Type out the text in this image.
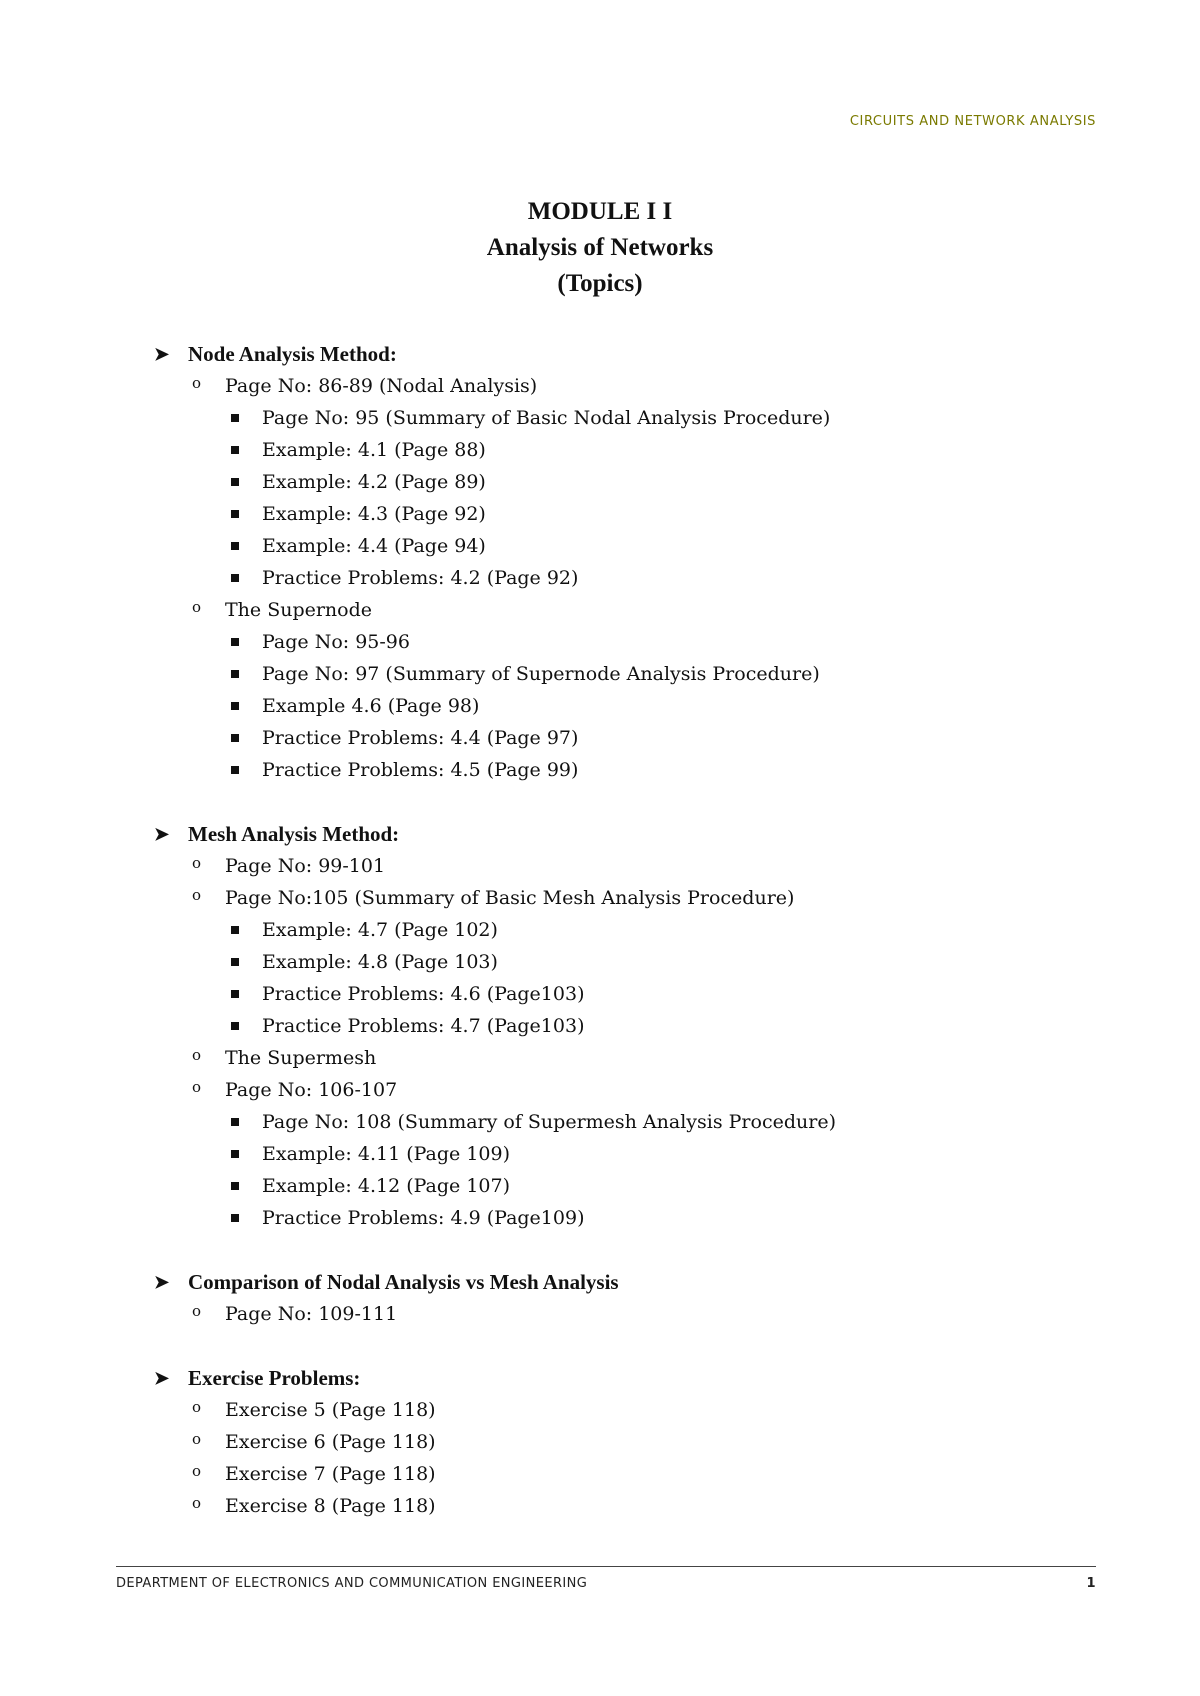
CIRCUITS AND NETWORK ANALYSIS
MODULE I I
Analysis of Networks
(Topics)
➤ Node Analysis Method:
o Page No: 86-89 (Nodal Analysis)
Page No: 95 (Summary of Basic Nodal Analysis Procedure)
Example: 4.1 (Page 88)
Example: 4.2 (Page 89)
Example: 4.3 (Page 92)
Example: 4.4 (Page 94)
Practice Problems: 4.2 (Page 92)
o The Supernode
Page No: 95-96
Page No: 97 (Summary of Supernode Analysis Procedure)
Example 4.6 (Page 98)
Practice Problems: 4.4 (Page 97)
Practice Problems: 4.5 (Page 99)
➤ Mesh Analysis Method:
o Page No: 99-101
o Page No:105 (Summary of Basic Mesh Analysis Procedure)
Example: 4.7 (Page 102)
Example: 4.8 (Page 103)
Practice Problems: 4.6 (Page103)
Practice Problems: 4.7 (Page103)
o The Supermesh
o Page No: 106-107
Page No: 108 (Summary of Supermesh Analysis Procedure)
Example: 4.11 (Page 109)
Example: 4.12 (Page 107)
Practice Problems: 4.9 (Page109)
➤ Comparison of Nodal Analysis vs Mesh Analysis
o Page No: 109-111
➤ Exercise Problems:
o Exercise 5 (Page 118)
o Exercise 6 (Page 118)
o Exercise 7 (Page 118)
o Exercise 8 (Page 118)
DEPARTMENT OF ELECTRONICS AND COMMUNICATION ENGINEERING	1
